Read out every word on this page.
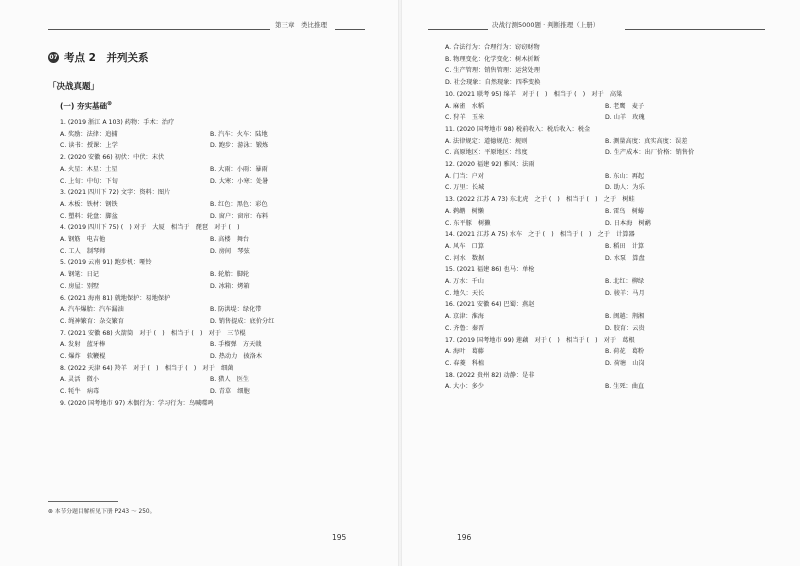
第三章　类比推理
07 考点 2　并列关系
「决战真题」
(一) 夯实基础⊛
1. (2019 浙江 A 103) 药物：手术：治疗
A. 奖励：法律：追捕	B. 汽车：火车：陆地
C. 读书：授课：上学	D. 跑步：游泳：锻炼
2. (2020 安徽 66) 初伏：中伏：末伏
A. 火星：木星：土星	B. 大雨：小雨：暴雨
C. 上旬：中旬：下旬	D. 大寒：小寒：处暑
3. (2021 四川下 72) 文字：资料：图片
A. 木板：铁材：钢铁	B. 红色：黑色：彩色
C. 塑料：轮盘：脚盆	D. 窗户：窗帘：布料
4. (2019 四川下 75) (　) 对于　大厦　相当于　琵琶　对于 (　)
A. 钢筋　电吉他	B. 高楼　舞台
C. 工人　制琴师	D. 房间　琴弦
5. (2019 云南 91) 跑步机：哑铃
A. 钢笔：日记	B. 轮胎：脚轮
C. 房屋：别墅	D. 冰箱：烤箱
6. (2021 海南 81) 就地保护：易地保护
A. 汽车爆胎：汽车漏油	B. 防洪堤：绿化带
C. 绳神繁育：杂交繁育	D. 销售提成：底价分红
7. (2021 安徽 68) 火箭筒　对于 (　)　相当于 (　)　对于　三节棍
A. 发射　蓝牙棒	B. 手榴弹　方天戟
C. 爆炸　软鞭棍	D. 热动力　披洛木
8. (2022 天津 64) 羚羊　对于 (　)　相当于 (　)　对于　细菌
A. 灵活　微小	B. 猎人　医生
C. 牦牛　病毒	D. 青草　细胞
9. (2020 国考地市 97) 木偶行为：学习行为：鸟喊喋鸣
⊛ 本节分题目解析见下册 P243 ～ 250。
195
决战行测5000题 · 判断推理（上册）
A. 合法行为：合理行为：窃窃财物
B. 物理变化：化学变化：树木折断
C. 生产管理：销售管理：运营处理
D. 社会现象：自然现象：四季变换
10. (2021 联考 95) 绵羊　对于 (　)　相当于 (　)　对于　高粱
A. 麻雀　水稻	B. 老鹰　麦子
C. 狩羊　玉米	D. 山羊　玫瑰
11. (2020 国考地市 98) 税前收入：税后收入：税金
A. 法律规定：道德规范：规则	B. 测量高度：真实高度：误差
C. 高原地区：平原地区：纬度	D. 生产成本：出厂价格：销售价
12. (2020 福建 92) 雅风：法雨
A. 门当：户对	B. 东山：再起
C. 万里：长城	D. 助人：为乐
13. (2022 江苏 A 73) 东北虎　之于 (　)　相当于 (　)　之于　树蛙
A. 鹈鹕　树懒	B. 雷鸟　树蝽
C. 东平豚　树獭	D. 日本海　树鹬
14. (2021 江苏 A 75) 水车　之于 (　)　相当于 (　)　之于　计算器
A. 风车　口算	B. 稻田　计算
C. 河水　数据	D. 水泵　算盘
15. (2021 福建 86) 也马：单枪
A. 万水：千山	B. 北红：柳绿
C. 地久：天长	D. 骏羊：马月
16. (2021 安徽 64) 巴蜀：燕赵
A. 京津：淮海	B. 闽越：荆湘
C. 齐鲁：秦晋	D. 胶育：云贵
17. (2019 国考地市 99) 莲藕　对于 (　)　相当于 (　)　对于　葛根
A. 海叶　葛藤	B. 荷花　葛粉
C. 春菱　科植	D. 荷塘　山岗
18. (2022 贵州 82) 动静：是非
A. 大小：多少	B. 生死：曲直
196
